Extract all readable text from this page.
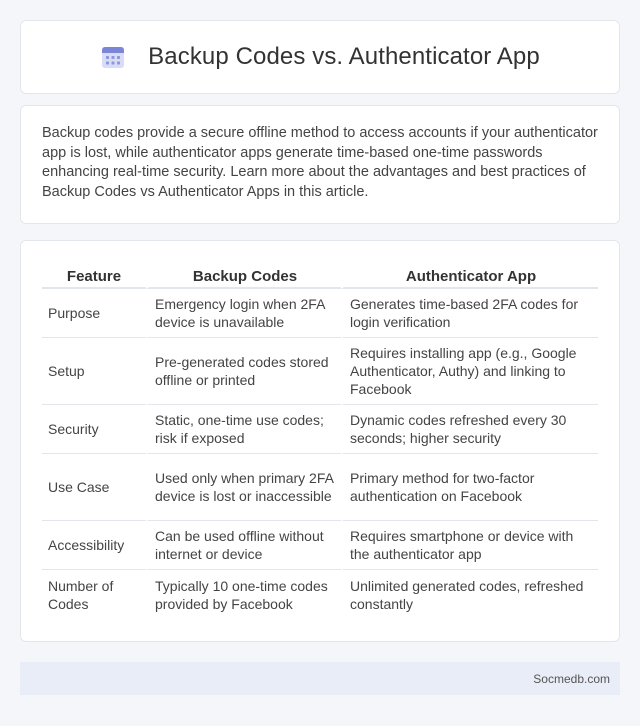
Backup Codes vs. Authenticator App

Backup codes provide a secure offline method to access accounts if your authenticator app is lost, while authenticator apps generate time-based one-time passwords enhancing real-time security. Learn more about the advantages and best practices of Backup Codes vs Authenticator Apps in this article.

Feature	Backup Codes	Authenticator App
Purpose	Emergency login when 2FA device is unavailable	Generates time-based 2FA codes for login verification
Setup	Pre-generated codes stored offline or printed	Requires installing app (e.g., Google Authenticator, Authy) and linking to Facebook
Security	Static, one-time use codes; risk if exposed	Dynamic codes refreshed every 30 seconds; higher security
Use Case	Used only when primary 2FA device is lost or inaccessible	Primary method for two-factor authentication on Facebook
Accessibility	Can be used offline without internet or device	Requires smartphone or device with the authenticator app
Number of Codes	Typically 10 one-time codes provided by Facebook	Unlimited generated codes, refreshed constantly
Socmedb.com
